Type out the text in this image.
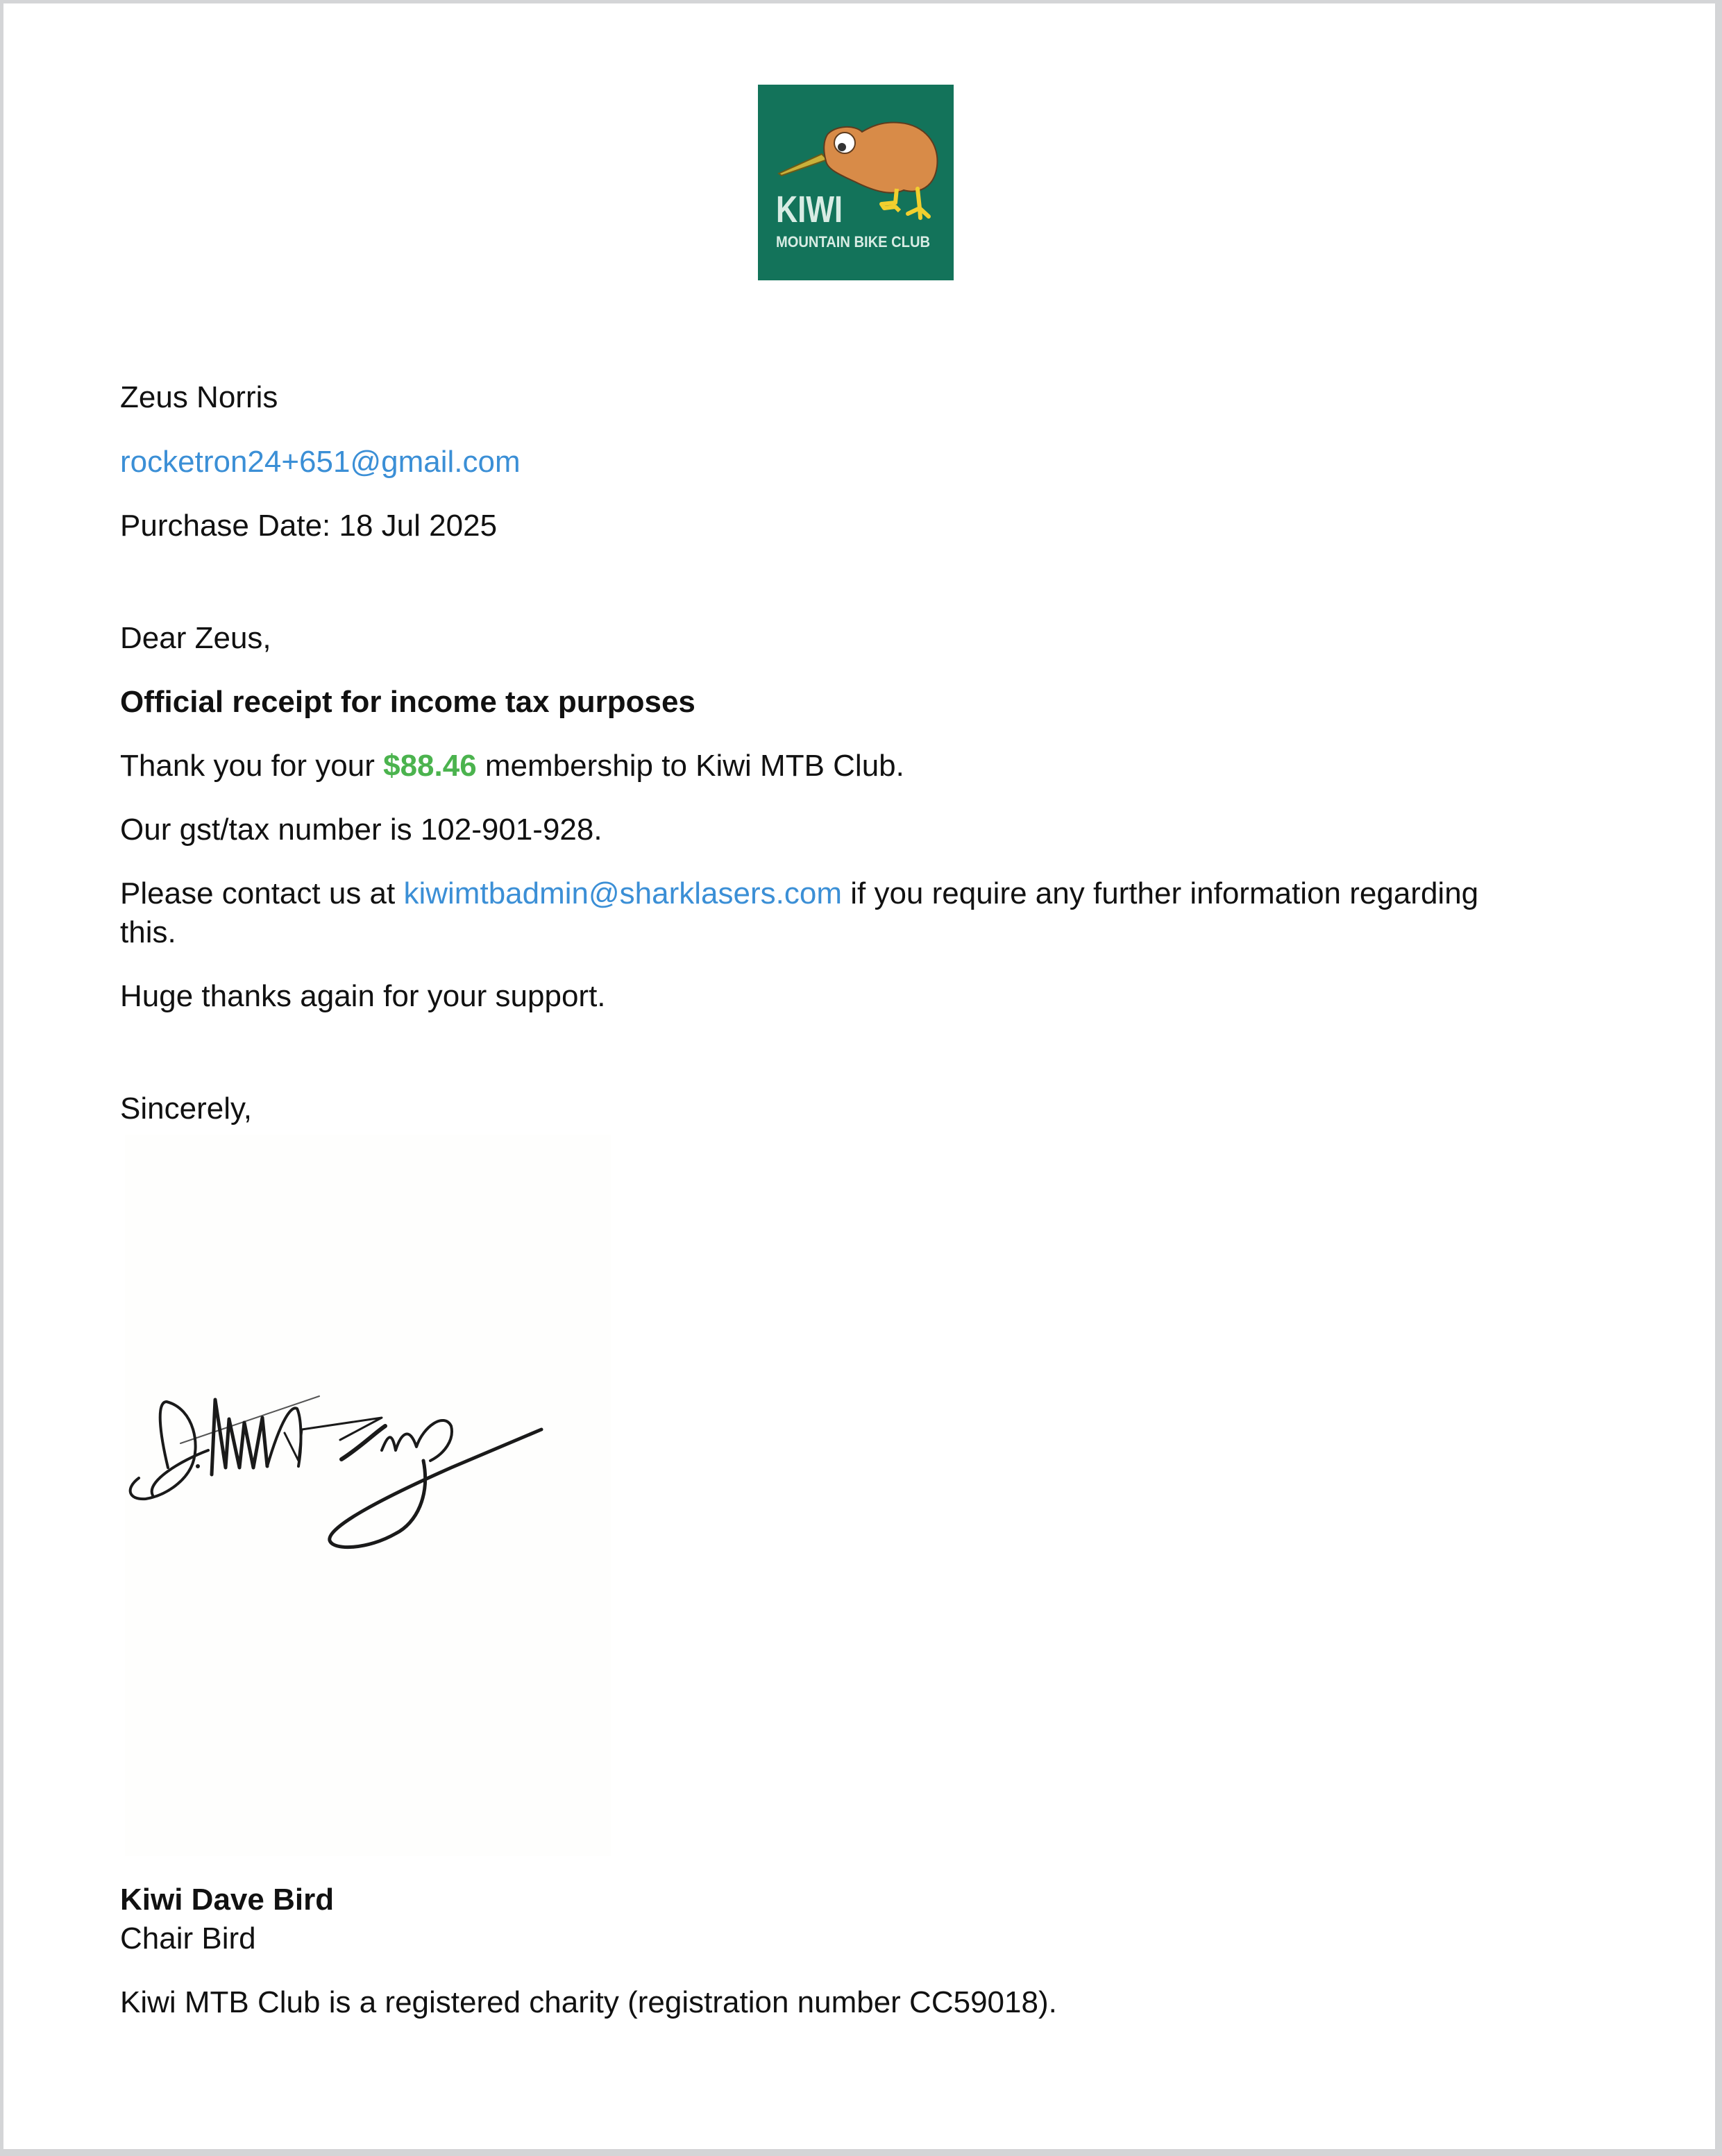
KIWI
MOUNTAIN BIKE CLUB
Zeus Norris
rocketron24+651@gmail.com
Purchase Date: 18 Jul 2025
Dear Zeus,
Official receipt for income tax purposes
Thank you for your $88.46 membership to Kiwi MTB Club.
Our gst/tax number is 102-901-928.
Please contact us at kiwimtbadmin@sharklasers.com if you require any further information regarding this.
Huge thanks again for your support.
Sincerely,
Kiwi Dave Bird
Chair Bird
Kiwi MTB Club is a registered charity (registration number CC59018).
